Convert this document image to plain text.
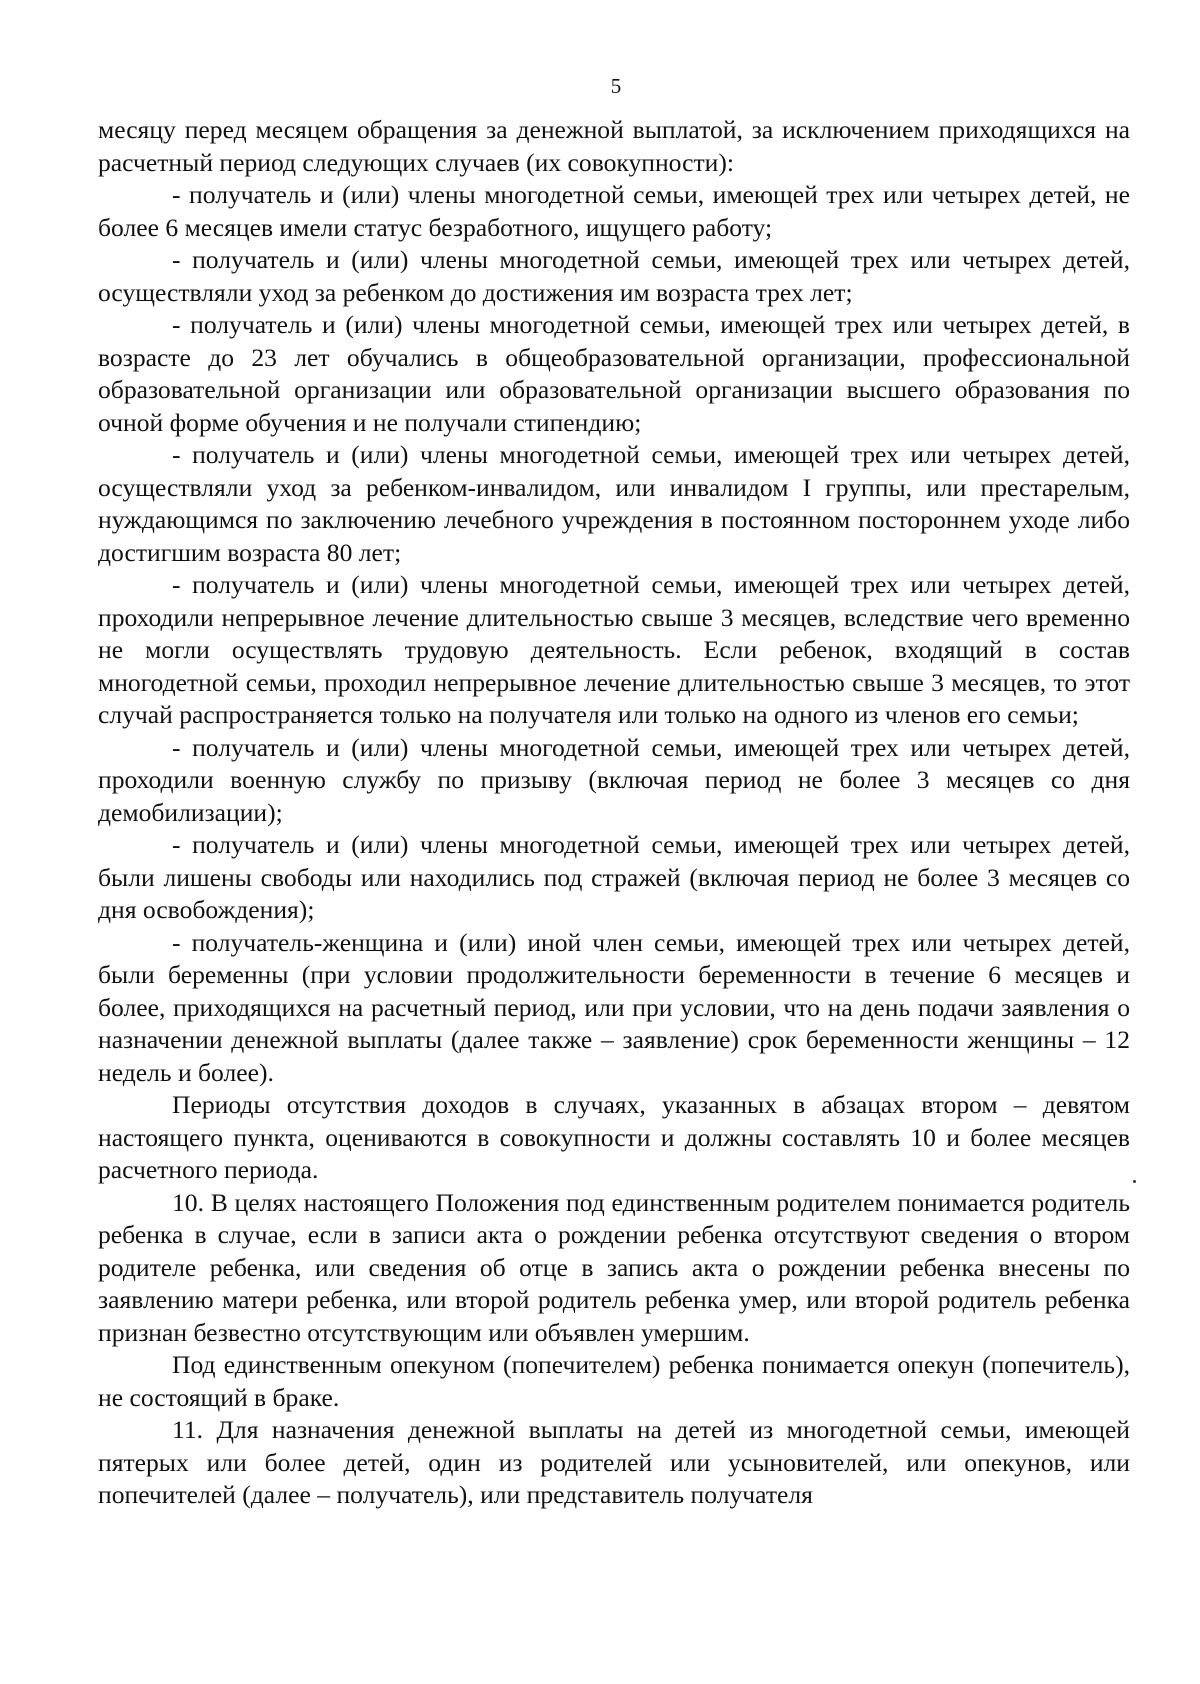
5

месяцу перед месяцем обращения за денежной выплатой, за исключением приходящихся на расчетный период следующих случаев (их совокупности):

- получатель и (или) члены многодетной семьи, имеющей трех или четырех детей, не более 6 месяцев имели статус безработного, ищущего работу;

- получатель и (или) члены многодетной семьи, имеющей трех или четырех детей, осуществляли уход за ребенком до достижения им возраста трех лет;

- получатель и (или) члены многодетной семьи, имеющей трех или четырех детей, в возрасте до 23 лет обучались в общеобразовательной организации, профессиональной образовательной организации или образовательной организации высшего образования по очной форме обучения и не получали стипендию;

- получатель и (или) члены многодетной семьи, имеющей трех или четырех детей, осуществляли уход за ребенком-инвалидом, или инвалидом I группы, или престарелым, нуждающимся по заключению лечебного учреждения в постоянном постороннем уходе либо достигшим возраста 80 лет;

- получатель и (или) члены многодетной семьи, имеющей трех или четырех детей, проходили непрерывное лечение длительностью свыше 3 месяцев, вследствие чего временно не могли осуществлять трудовую деятельность. Если ребенок, входящий в состав многодетной семьи, проходил непрерывное лечение длительностью свыше 3 месяцев, то этот случай распространяется только на получателя или только на одного из членов его семьи;

- получатель и (или) члены многодетной семьи, имеющей трех или четырех детей, проходили военную службу по призыву (включая период не более 3 месяцев со дня демобилизации);

- получатель и (или) члены многодетной семьи, имеющей трех или четырех детей, были лишены свободы или находились под стражей (включая период не более 3 месяцев со дня освобождения);

- получатель-женщина и (или) иной член семьи, имеющей трех или четырех детей, были беременны (при условии продолжительности беременности в течение 6 месяцев и более, приходящихся на расчетный период, или при условии, что на день подачи заявления о назначении денежной выплаты (далее также – заявление) срок беременности женщины – 12 недель и более).

Периоды отсутствия доходов в случаях, указанных в абзацах втором – девятом настоящего пункта, оцениваются в совокупности и должны составлять 10 и более месяцев расчетного периода.

10. В целях настоящего Положения под единственным родителем понимается родитель ребенка в случае, если в записи акта о рождении ребенка отсутствуют сведения о втором родителе ребенка, или сведения об отце в запись акта о рождении ребенка внесены по заявлению матери ребенка, или второй родитель ребенка умер, или второй родитель ребенка признан безвестно отсутствующим или объявлен умершим.

Под единственным опекуном (попечителем) ребенка понимается опекун (попечитель), не состоящий в браке.

11. Для назначения денежной выплаты на детей из многодетной семьи, имеющей пятерых или более детей, один из родителей или усыновителей, или опекунов, или попечителей (далее – получатель), или представитель получателя
